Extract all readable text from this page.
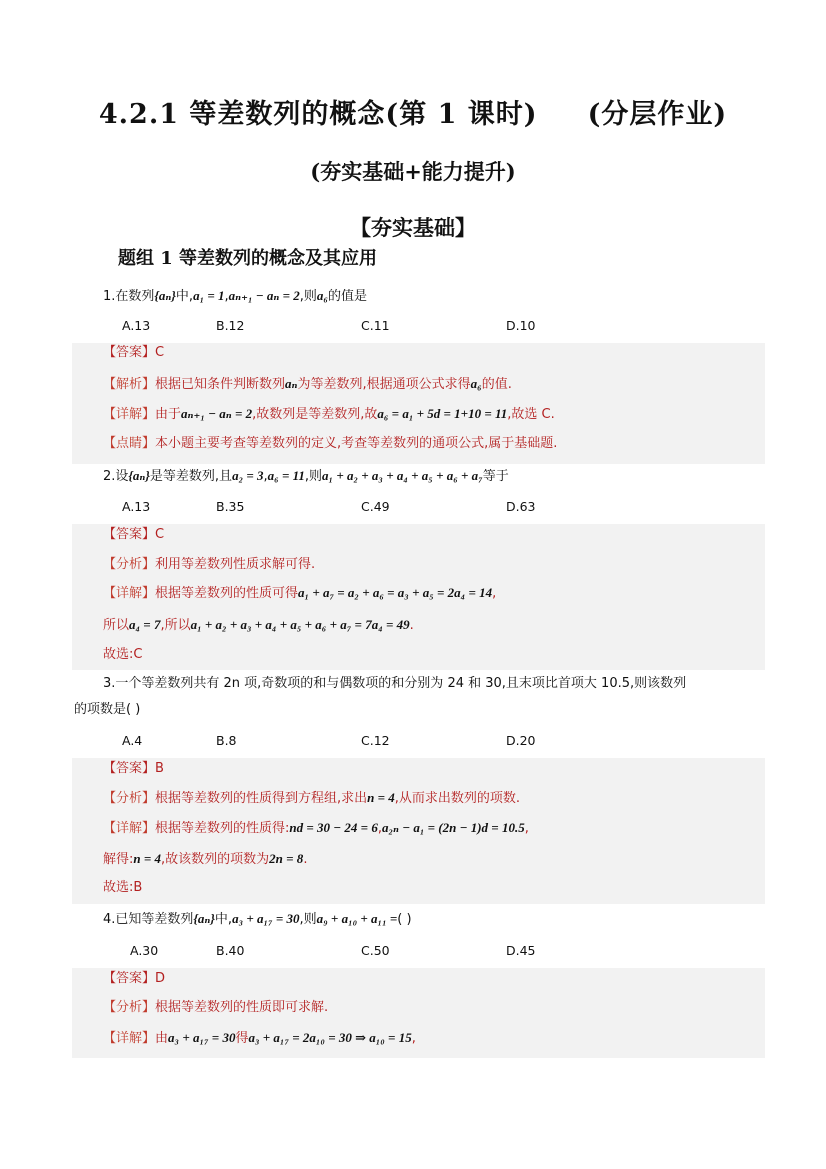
4.2.1 等差数列的概念(第 1 课时) (分层作业)
(夯实基础+能力提升)
【夯实基础】
题组 1 等差数列的概念及其应用
1.在数列{aₙ}中,a₁ = 1,aₙ₊₁ − aₙ = 2,则a₆的值是
A.13	B.12	C.11	D.10
【答案】C
【解析】根据已知条件判断数列aₙ为等差数列,根据通项公式求得a₆的值.
【详解】由于aₙ₊₁ − aₙ = 2,故数列是等差数列,故a₆ = a₁ + 5d = 1+10 = 11,故选 C.
【点睛】本小题主要考查等差数列的定义,考查等差数列的通项公式,属于基础题.
2.设{aₙ}是等差数列,且a₂ = 3,a₆ = 11,则a₁ + a₂ + a₃ + a₄ + a₅ + a₆ + a₇等于
A.13	B.35	C.49	D.63
【答案】C
【分析】利用等差数列性质求解可得.
【详解】根据等差数列的性质可得a₁ + a₇ = a₂ + a₆ = a₃ + a₅ = 2a₄ = 14,
所以a₄ = 7,所以a₁ + a₂ + a₃ + a₄ + a₅ + a₆ + a₇ = 7a₄ = 49.
故选:C
3.一个等差数列共有 2n 项,奇数项的和与偶数项的和分别为 24 和 30,且末项比首项大 10.5,则该数列
的项数是( )
A.4	B.8	C.12	D.20
【答案】B
【分析】根据等差数列的性质得到方程组,求出n = 4,从而求出数列的项数.
【详解】根据等差数列的性质得:nd = 30 − 24 = 6,a₂ₙ − a₁ = (2n − 1)d = 10.5,
解得:n = 4,故该数列的项数为2n = 8.
故选:B
4.已知等差数列{aₙ}中,a₃ + a₁₇ = 30,则a₉ + a₁₀ + a₁₁ =( )
A.30	B.40	C.50	D.45
【答案】D
【分析】根据等差数列的性质即可求解.
【详解】由a₃ + a₁₇ = 30得a₃ + a₁₇ = 2a₁₀ = 30 ⇒ a₁₀ = 15,
